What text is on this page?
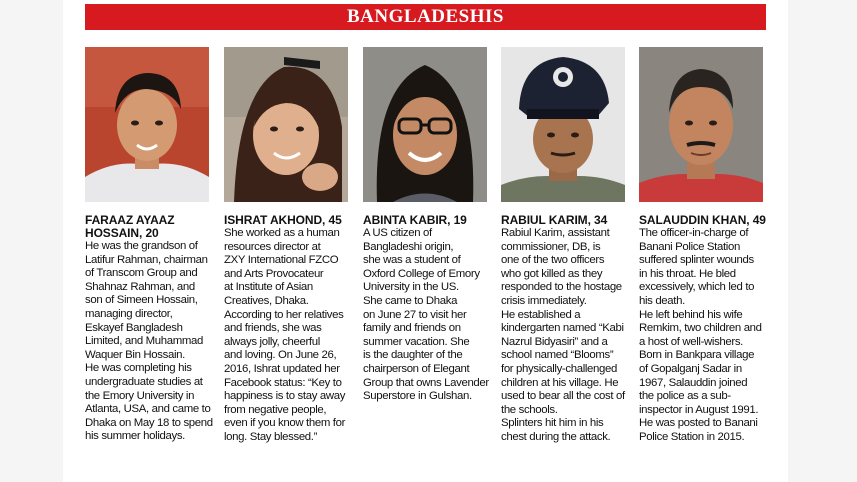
BANGLADESHIS
FARAAZ AYAAZ HOSSAIN, 20
He was the grandson of
Latifur Rahman, chairman
of Transcom Group and
Shahnaz Rahman, and
son of Simeen Hossain,
managing director,
Eskayef Bangladesh
Limited, and Muhammad
Waquer Bin Hossain.
He was completing his
undergraduate studies at
the Emory University in
Atlanta, USA, and came to
Dhaka on May 18 to spend
his summer holidays.
ISHRAT AKHOND, 45
She worked as a human
resources director at
ZXY International FZCO
and Arts Provocateur
at Institute of Asian
Creatives, Dhaka.
According to her relatives
and friends, she was
always jolly, cheerful
and loving. On June 26,
2016, Ishrat updated her
Facebook status: “Key to
happiness is to stay away
from negative people,
even if you know them for
long. Stay blessed.”
ABINTA KABIR, 19
A US citizen of
Bangladeshi origin,
she was a student of
Oxford College of Emory
University in the US.
She came to Dhaka
on June 27 to visit her
family and friends on
summer vacation. She
is the daughter of the
chairperson of Elegant
Group that owns Lavender
Superstore in Gulshan.
RABIUL KARIM, 34
Rabiul Karim, assistant
commissioner, DB, is
one of the two officers
who got killed as they
responded to the hostage
crisis immediately.
He established a
kindergarten named “Kabi
Nazrul Bidyasiri” and a
school named “Blooms”
for physically-challenged
children at his village. He
used to bear all the cost of
the schools.
Splinters hit him in his
chest during the attack.
SALAUDDIN KHAN, 49
The officer-in-charge of
Banani Police Station
suffered splinter wounds
in his throat. He bled
excessively, which led to
his death.
He left behind his wife
Remkim, two children and
a host of well-wishers.
Born in Bankpara village
of Gopalganj Sadar in
1967, Salauddin joined
the police as a sub-
inspector in August 1991.
He was posted to Banani
Police Station in 2015.
